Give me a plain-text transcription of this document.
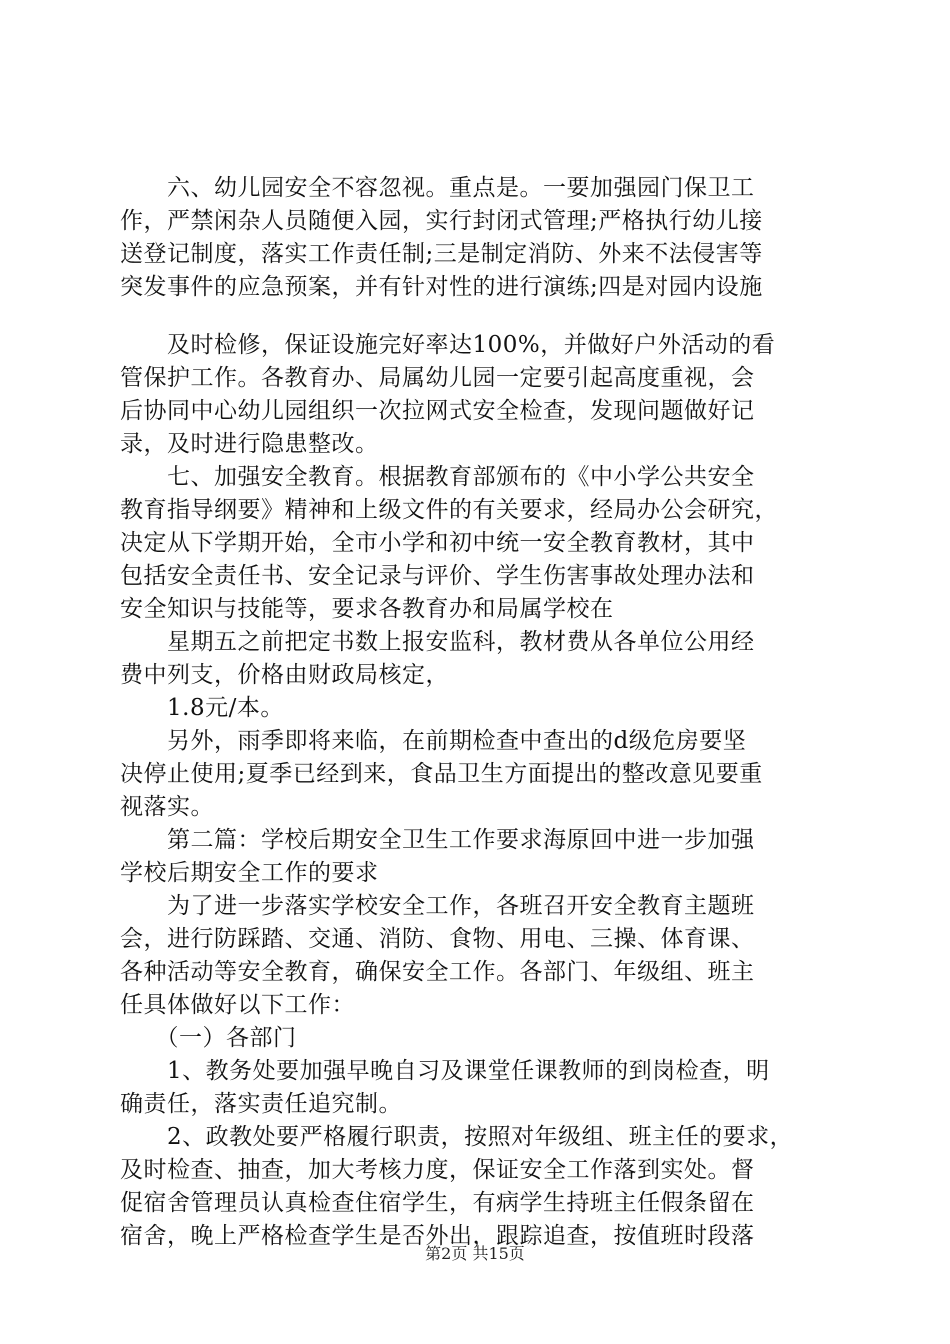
　　六、幼儿园安全不容忽视。重点是。一要加强园门保卫工
作，严禁闲杂人员随便入园，实行封闭式管理;严格执行幼儿接
送登记制度，落实工作责任制;三是制定消防、外来不法侵害等
突发事件的应急预案，并有针对性的进行演练;四是对园内设施
　　及时检修，保证设施完好率达100%，并做好户外活动的看
管保护工作。各教育办、局属幼儿园一定要引起高度重视，会
后协同中心幼儿园组织一次拉网式安全检查，发现问题做好记
录，及时进行隐患整改。
　　七、加强安全教育。根据教育部颁布的《中小学公共安全
教育指导纲要》精神和上级文件的有关要求，经局办公会研究，
决定从下学期开始，全市小学和初中统一安全教育教材，其中
包括安全责任书、安全记录与评价、学生伤害事故处理办法和
安全知识与技能等，要求各教育办和局属学校在
　　星期五之前把定书数上报安监科，教材费从各单位公用经
费中列支，价格由财政局核定，
　　1.8元/本。
　　另外，雨季即将来临，在前期检查中查出的d级危房要坚
决停止使用;夏季已经到来，食品卫生方面提出的整改意见要重
视落实。
　　第二篇：学校后期安全卫生工作要求海原回中进一步加强
学校后期安全工作的要求
　　为了进一步落实学校安全工作，各班召开安全教育主题班
会，进行防踩踏、交通、消防、食物、用电、三操、体育课、
各种活动等安全教育，确保安全工作。各部门、年级组、班主
任具体做好以下工作：
　　（一）各部门
　　1、教务处要加强早晚自习及课堂任课教师的到岗检查，明
确责任，落实责任追究制。
　　2、政教处要严格履行职责，按照对年级组、班主任的要求，
及时检查、抽查，加大考核力度，保证安全工作落到实处。督
促宿舍管理员认真检查住宿学生，有病学生持班主任假条留在
宿舍，晚上严格检查学生是否外出，跟踪追查，按值班时段落
第2页 共15页
